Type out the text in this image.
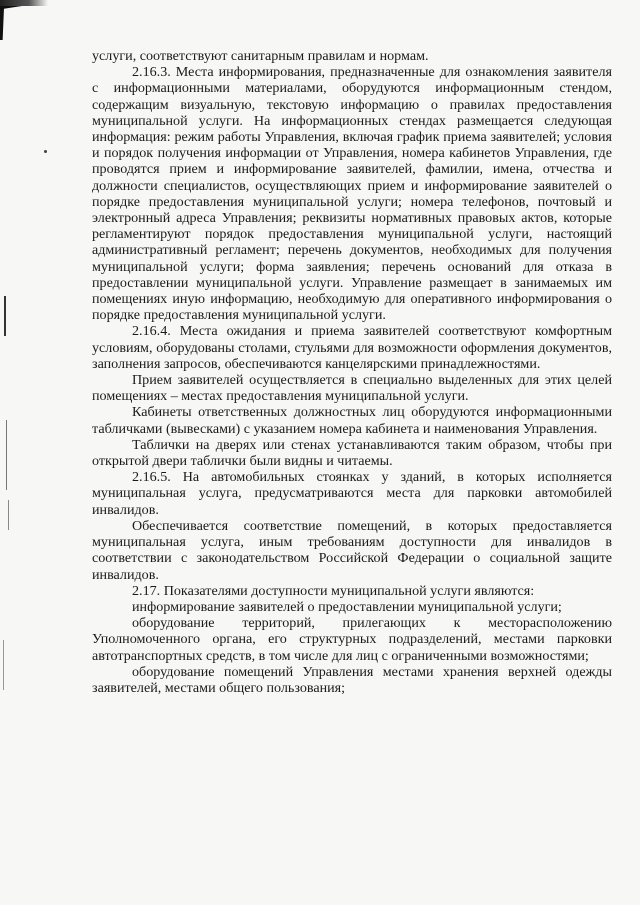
услуги, соответствуют санитарным правилам и нормам.

2.16.3. Места информирования, предназначенные для ознакомления заявителя с информационными материалами, оборудуются информационным стендом, содержащим визуальную, текстовую информацию о правилах предоставления муниципальной услуги. На информационных стендах размещается следующая информация: режим работы Управления, включая график приема заявителей; условия и порядок получения информации от Управления, номера кабинетов Управления, где проводятся прием и информирование заявителей, фамилии, имена, отчества и должности специалистов, осуществляющих прием и информирование заявителей о порядке предоставления муниципальной услуги; номера телефонов, почтовый и электронный адреса Управления; реквизиты нормативных правовых актов, которые регламентируют порядок предоставления муниципальной услуги, настоящий административный регламент; перечень документов, необходимых для получения муниципальной услуги; форма заявления; перечень оснований для отказа в предоставлении муниципальной услуги. Управление размещает в занимаемых им помещениях иную информацию, необходимую для оперативного информирования о порядке предоставления муниципальной услуги.

2.16.4. Места ожидания и приема заявителей соответствуют комфортным условиям, оборудованы столами, стульями для возможности оформления документов, заполнения запросов, обеспечиваются канцелярскими принадлежностями.

Прием заявителей осуществляется в специально выделенных для этих целей помещениях – местах предоставления муниципальной услуги.

Кабинеты ответственных должностных лиц оборудуются информационными табличками (вывесками) с указанием номера кабинета и наименования Управления.

Таблички на дверях или стенах устанавливаются таким образом, чтобы при открытой двери таблички были видны и читаемы.

2.16.5. На автомобильных стоянках у зданий, в которых исполняется муниципальная услуга, предусматриваются места для парковки автомобилей инвалидов.

Обеспечивается соответствие помещений, в которых предоставляется муниципальная услуга, иным требованиям доступности для инвалидов в соответствии с законодательством Российской Федерации о социальной защите инвалидов.

2.17. Показателями доступности муниципальной услуги являются:

информирование заявителей о предоставлении муниципальной услуги;

оборудование территорий, прилегающих к месторасположению Уполномоченного органа, его структурных подразделений, местами парковки автотранспортных средств, в том числе для лиц с ограниченными возможностями;

оборудование помещений Управления местами хранения верхней одежды заявителей, местами общего пользования;
